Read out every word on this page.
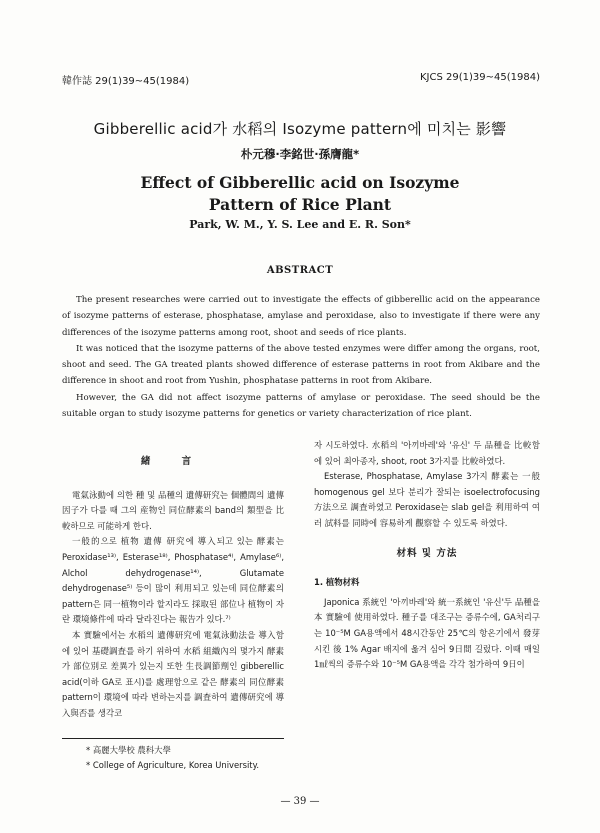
韓作誌 29(1)39~45(1984)	KJCS 29(1)39~45(1984)
Gibberellic acid가 水稻의 Isozyme pattern에 미치는 影響
朴元穆·李銘世·孫膺龍*
Effect of Gibberellic acid on Isozyme
Pattern of Rice Plant
Park, W. M., Y. S. Lee and E. R. Son*
ABSTRACT

The present researches were carried out to investigate the effects of gibberellic acid on the appearance of isozyme patterns of esterase, phosphatase, amylase and peroxidase, also to investigate if there were any differences of the isozyme patterns among root, shoot and seeds of rice plants.

It was noticed that the isozyme patterns of the above tested enzymes were differ among the organs, root, shoot and seed. The GA treated plants showed difference of esterase patterns in root from Akibare and the difference in shoot and root from Yushin, phosphatase patterns in root from Akibare.

However, the GA did not affect isozyme patterns of amylase or peroxidase. The seed should be the suitable organ to study isozyme patterns for genetics or variety characterization of rice plant.

緒 言

電氣泳動에 의한 種 및 品種의 遺傳研究는 個體間의 遺傳因子가 다를 때 그의 産物인 同位酵素의 band의 類型을 比較하므로 可能하게 한다.

一般的으로 植物 遺傳 研究에 導入되고 있는 酵素는 Peroxidase¹³⁾, Esterase¹⁸⁾, Phosphatase⁴⁾, Amylase⁶⁾, Alchol dehydrogenase¹⁴⁾, Glutamate dehydrogenase⁵⁾ 등이 많이 利用되고 있는데 同位酵素의 pattern은 同一植物이라 할지라도 採取된 部位나 植物이 자란 環境條件에 따라 달라진다는 報告가 있다.⁷⁾

本 實驗에서는 水稻의 遺傳研究에 電氣泳動法을 導入함에 있어 基礎調査를 하기 위하여 水稻 組織內의 몇가지 酵素가 部位別로 差異가 있는지 또한 生長調節劑인 gibberellic acid(이하 GA로 표시)를 處理함으로 같은 酵素의 同位酵素 pattern이 環境에 따라 변하는지를 調査하여 遺傳研究에 導入與否를 생각코

자 시도하였다. 水稻의 '아끼바레'와 '유신' 두 品種을 比較함에 있어 최아종자, shoot, root 3가지를 比較하였다.

Esterase, Phosphatase, Amylase 3가지 酵素는 一般 homogenous gel 보다 분리가 잘되는 isoelectrofocusing 方法으로 調査하였고 Peroxidase는 slab gel을 利用하여 여러 試料를 同時에 容易하게 觀察할 수 있도록 하였다.

材料 및 方法
1. 植物材料

Japonica 系統인 '아끼바레'와 統一系統인 '유신'두 品種을 本 實驗에 使用하였다. 種子를 대조구는 증류수에, GA처리구는 10⁻⁵M GA용액에서 48시간동안 25℃의 항온기에서 發芽시킨 後 1% Agar 배지에 옮겨 심어 9日間 길렀다. 이때 매일 1㎖씩의 증류수와 10⁻⁵M GA용액을 각각 첨가하여 9日이

* 高麗大學校 農科大學
* College of Agriculture, Korea University.
— 39 —
